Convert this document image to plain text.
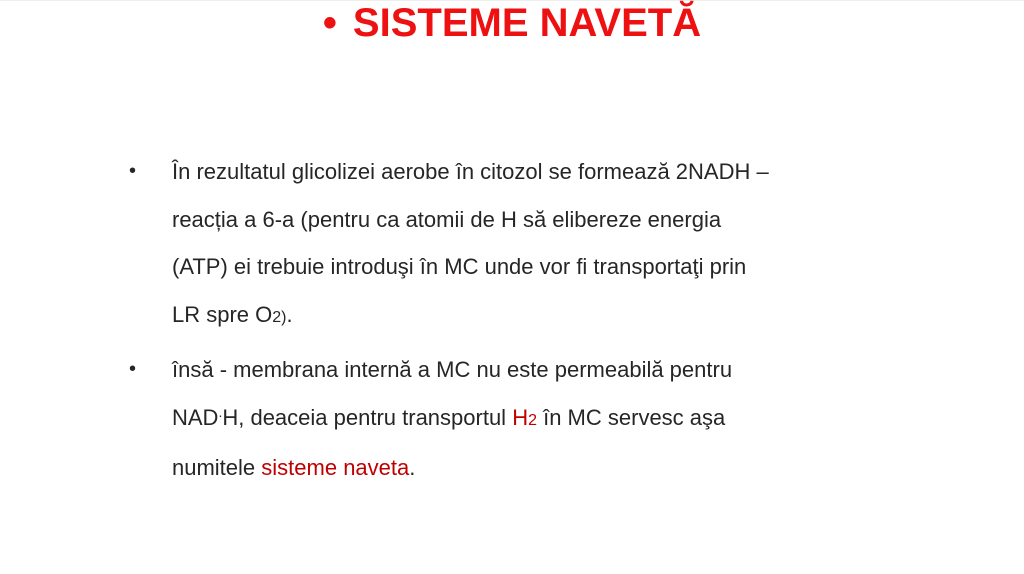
• SISTEME NAVETĂ
• În rezultatul glicolizei aerobe în citozol se formează 2NADH –
reacția a 6-a (pentru ca atomii de H să elibereze energia
(ATP) ei trebuie introduşi în MC unde vor fi transportaţi prin
LR spre O2).
• însă - membrana internă a MC nu este permeabilă pentru
NAD.H, deaceia pentru transportul H2 în MC servesc aşa
numitele sisteme naveta.
